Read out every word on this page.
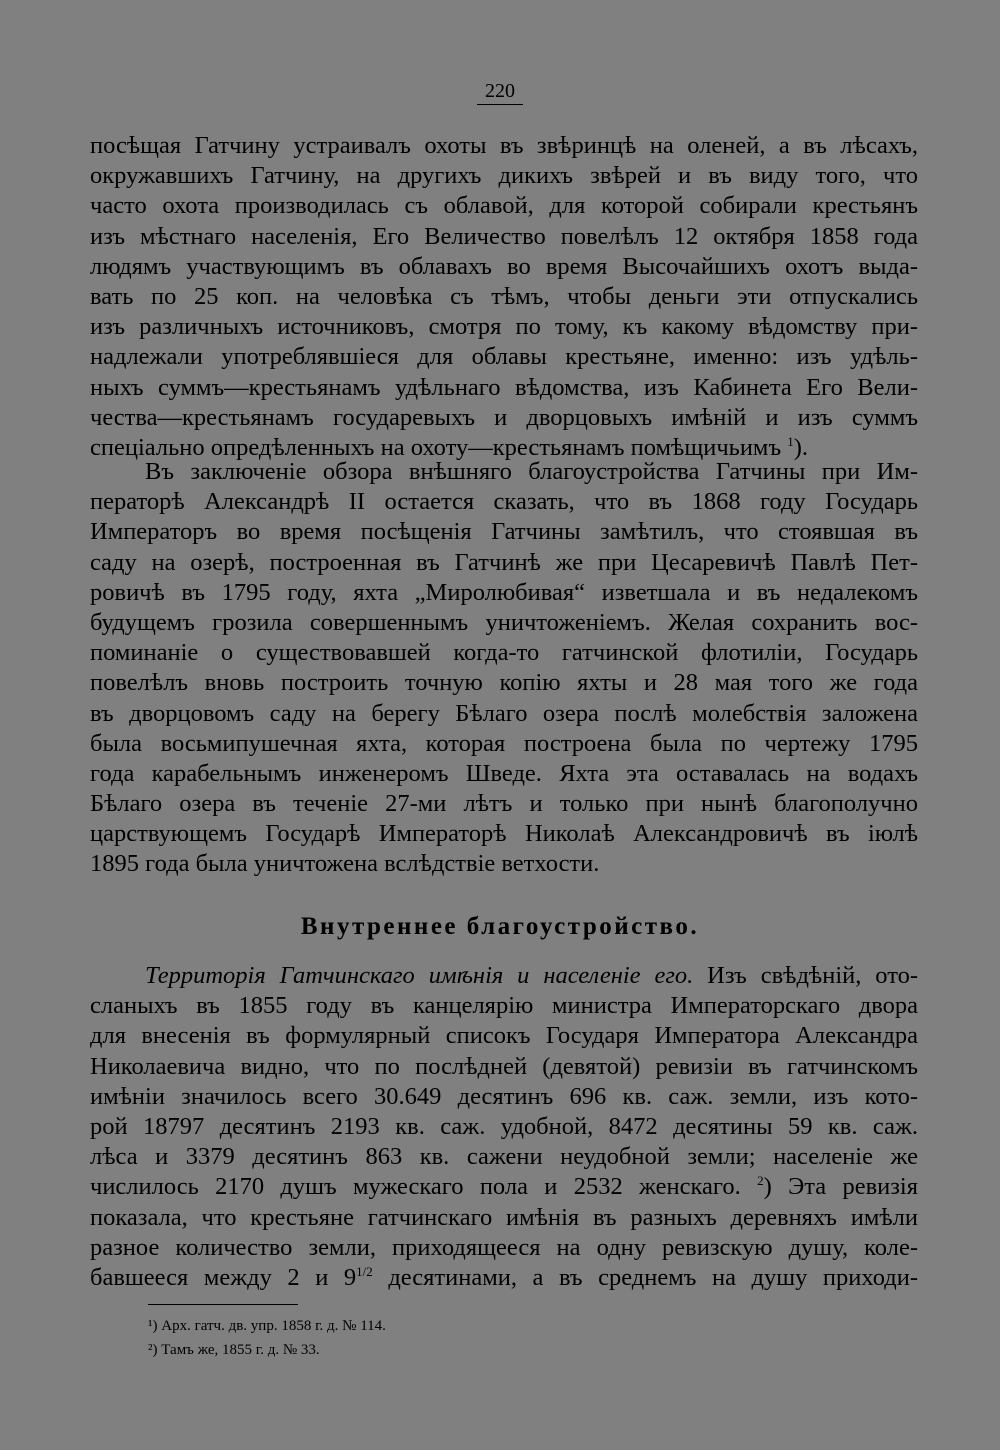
220
посѣщая Гатчину устраивалъ охоты въ звѣринцѣ на оленей, а въ лѣсахъ,
окружавшихъ Гатчину, на другихъ дикихъ звѣрей и въ виду того, что
часто охота производилась съ облавой, для которой собирали крестьянъ
изъ мѣстнаго населенія, Его Величество повелѣлъ 12 октября 1858 года
людямъ участвующимъ въ облавахъ во время Высочайшихъ охотъ выда-
вать по 25 коп. на человѣка съ тѣмъ, чтобы деньги эти отпускались
изъ различныхъ источниковъ, смотря по тому, къ какому вѣдомству при-
надлежали употреблявшіеся для облавы крестьяне, именно: изъ удѣль-
ныхъ суммъ—крестьянамъ удѣльнаго вѣдомства, изъ Кабинета Его Вели-
чества—крестьянамъ государевыхъ и дворцовыхъ имѣній и изъ суммъ
спеціально опредѣленныхъ на охоту—крестьянамъ помѣщичьимъ $^1$).
Въ заключеніе обзора внѣшняго благоустройства Гатчины при Им-
ператорѣ Александрѣ II остается сказать, что въ 1868 году Государь
Императоръ во время посѣщенія Гатчины замѣтилъ, что стоявшая въ
саду на озерѣ, построенная въ Гатчинѣ же при Цесаревичѣ Павлѣ Пет-
ровичѣ въ 1795 году, яхта „Миролюбивая“ изветшала и въ недалекомъ
будущемъ грозила совершеннымъ уничтоженіемъ. Желая сохранить вос-
поминаніе о существовавшей когда-то гатчинской флотиліи, Государь
повелѣлъ вновь построить точную копію яхты и 28 мая того же года
въ дворцовомъ саду на берегу Бѣлаго озера послѣ молебствія заложена
была восьмипушечная яхта, которая построена была по чертежу 1795
года карабельнымъ инженеромъ Шведе. Яхта эта оставалась на водахъ
Бѣлаго озера въ теченіе 27-ми лѣтъ и только при нынѣ благополучно
царствующемъ Государѣ Императорѣ Николаѣ Александровичѣ въ іюлѣ
1895 года была уничтожена вслѣдствіе ветхости.
Внутреннее благоустройство.
Территорія Гатчинскаго имѣнія и населеніе его. Изъ свѣдѣній, ото-
сланыхъ въ 1855 году въ канцелярію министра Императорскаго двора
для внесенія въ формулярный списокъ Государя Императора Александра
Николаевича видно, что по послѣдней (девятой) ревизіи въ гатчинскомъ
имѣніи значилось всего 30.649 десятинъ 696 кв. саж. земли, изъ кото-
рой 18797 десятинъ 2193 кв. саж. удобной, 8472 десятины 59 кв. саж.
лѣса и 3379 десятинъ 863 кв. сажени неудобной земли; населеніе же
числилось 2170 душъ мужескаго пола и 2532 женскаго. $^2$) Эта ревизія
показала, что крестьяне гатчинскаго имѣнія въ разныхъ деревняхъ имѣли
разное количество земли, приходящееся на одну ревизскую душу, коле-
бавшееся между 2 и $9^{1/2}$ десятинами, а въ среднемъ на душу приходи-
¹) Арх. гатч. дв. упр. 1858 г. д. № 114.
²) Тамъ же, 1855 г. д. № 33.
